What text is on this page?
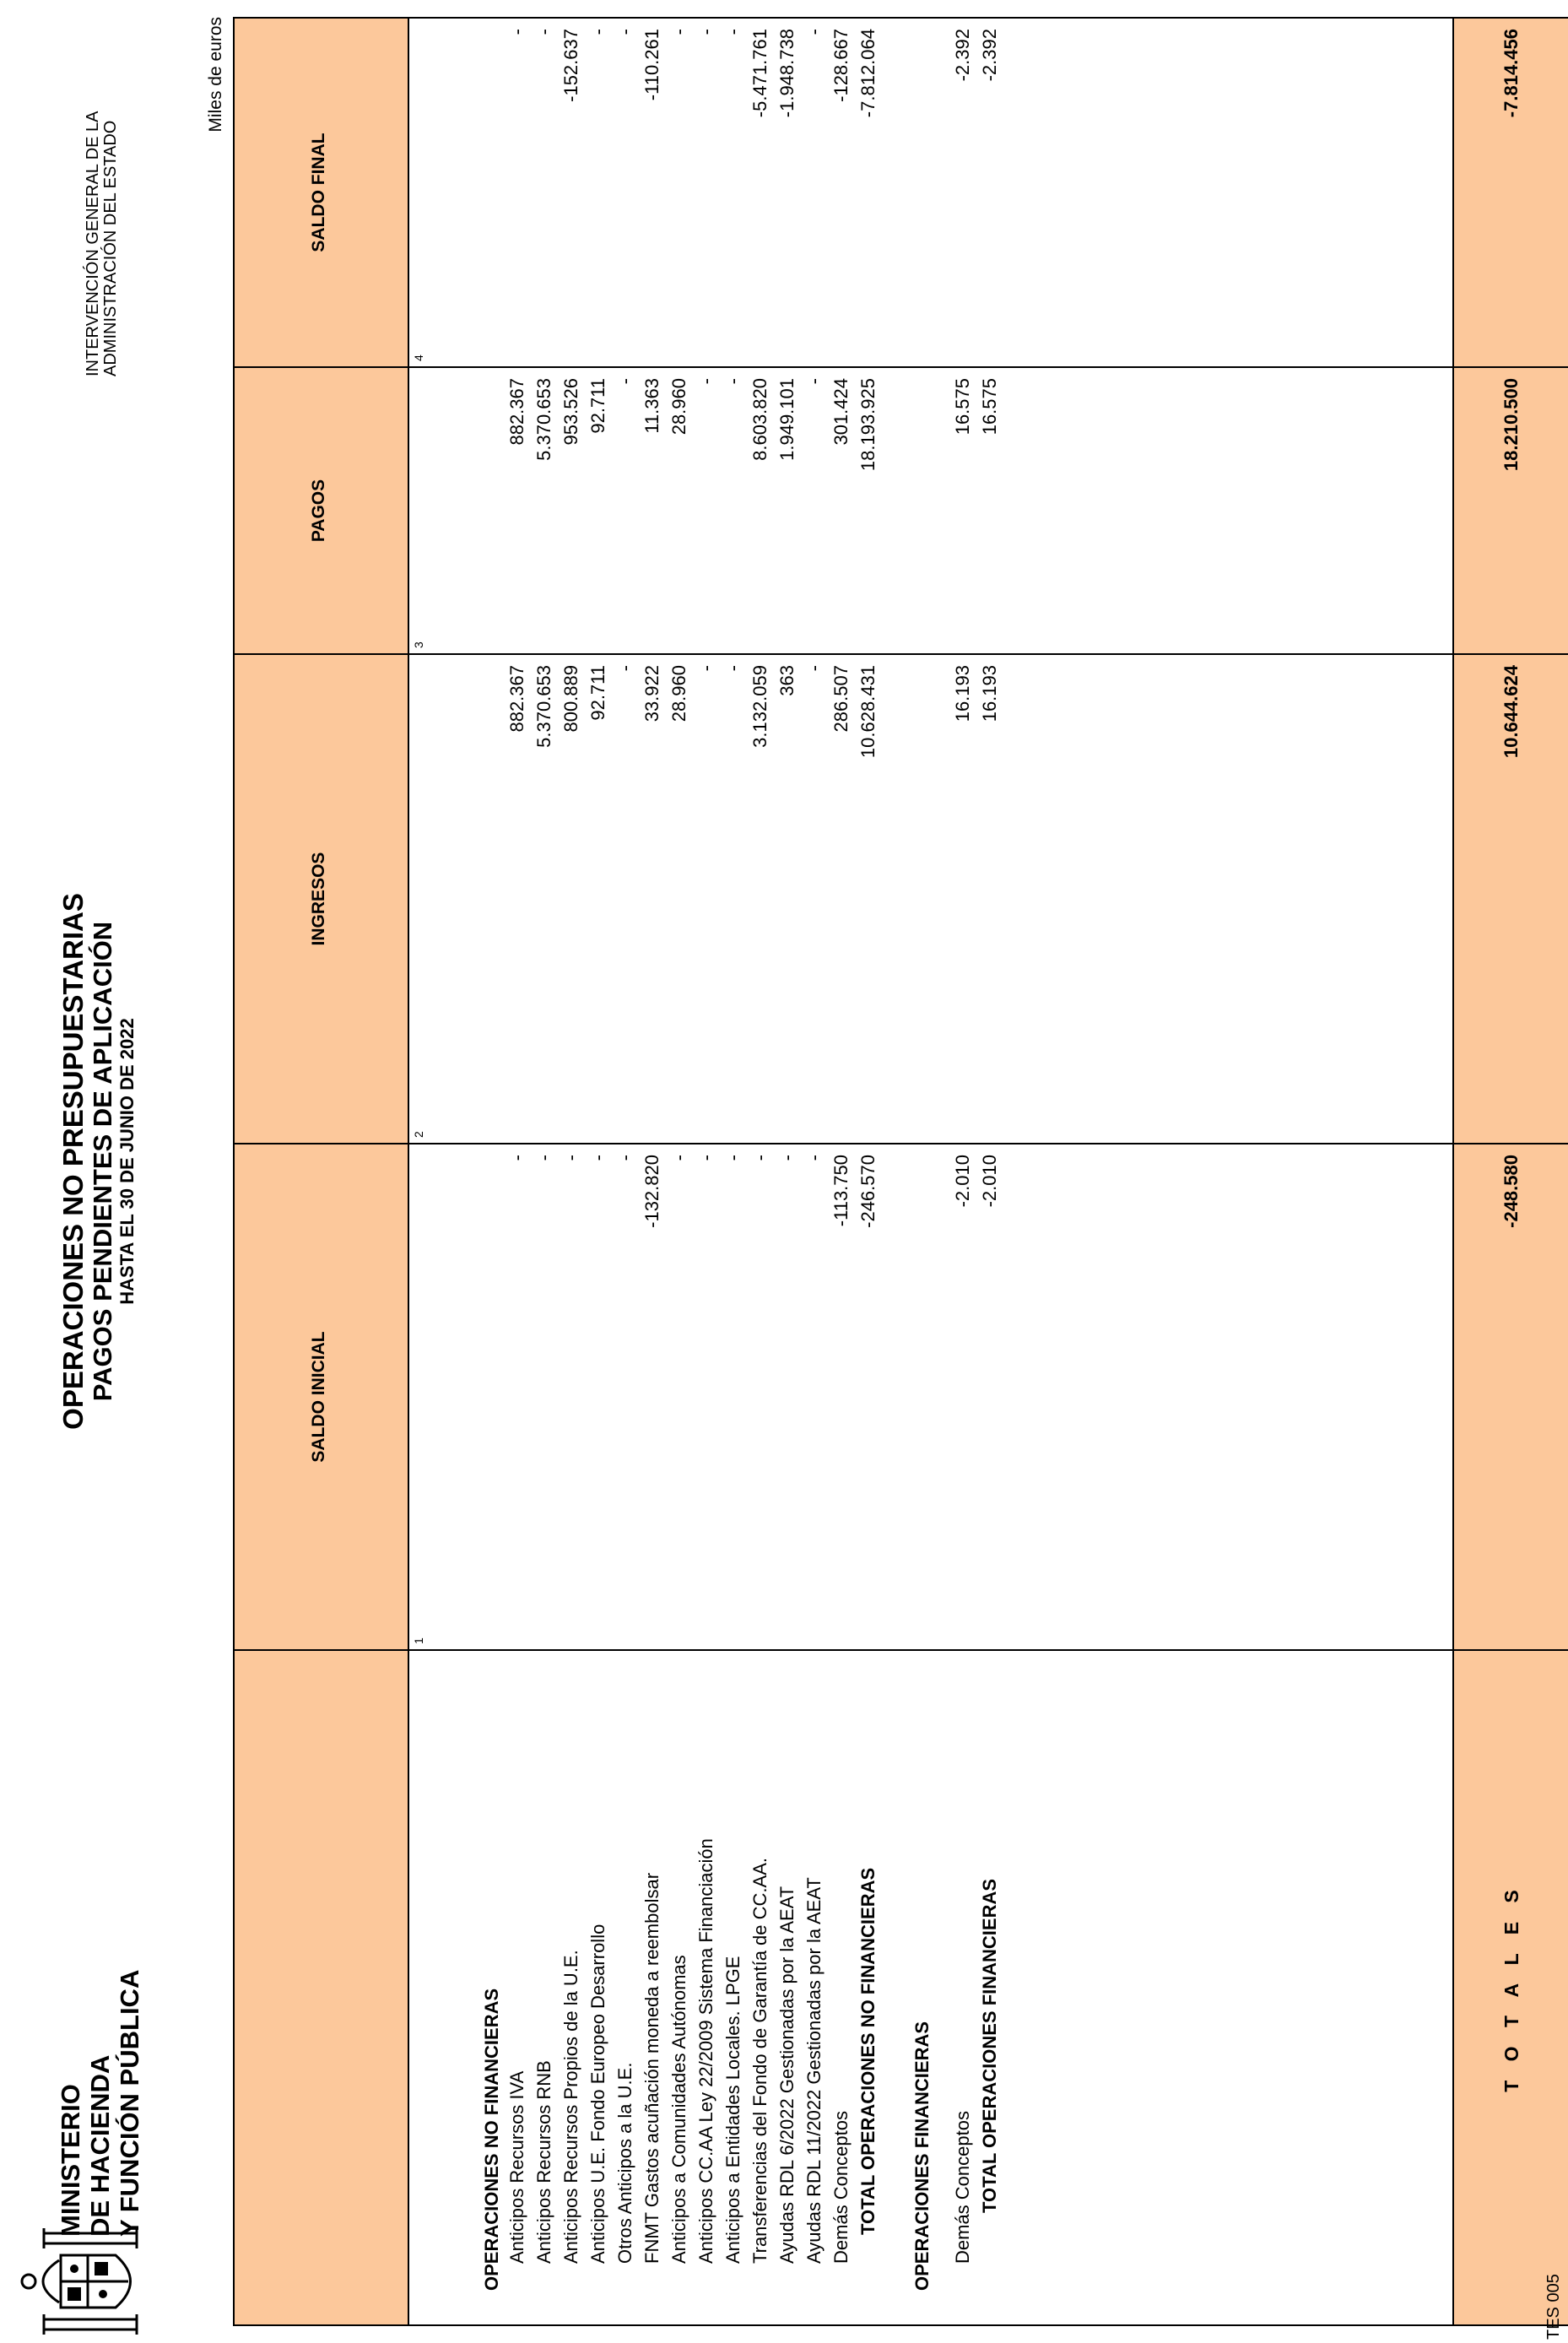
MINISTERIO DE HACIENDA Y FUNCIÓN PÚBLICA
OPERACIONES NO PRESUPUESTARIAS PAGOS PENDIENTES DE APLICACIÓN HASTA EL 30 DE JUNIO DE 2022
INTERVENCIÓN GENERAL DE LA ADMINISTRACIÓN DEL ESTADO
Miles de euros
SALDO INICIAL
INGRESOS
PAGOS
SALDO FINAL
1
2
3
4
OPERACIONES NO FINANCIERAS Anticipos Recursos IVA
-
882.367
882.367
-
Anticipos Recursos RNB
-
5.370.653
5.370.653
-
Anticipos Recursos Propios de la U.E.
-
800.889
953.526
-152.637
Anticipos U.E. Fondo Europeo Desarrollo
-
92.711
92.711
-
Otros Anticipos a la U.E.
-
-
-
-
FNMT Gastos acuñación moneda a reembolsar
-132.820
33.922
11.363
-110.261
Anticipos a Comunidades Autónomas
-
28.960
28.960
-
Anticipos CC.AA Ley 22/2009 Sistema Financiación
-
-
-
-
Anticipos a Entidades Locales. LPGE
-
-
-
-
Transferencias del Fondo de Garantía de CC.AA.
-
3.132.059
8.603.820
-5.471.761
Ayudas RDL 6/2022 Gestionadas por la AEAT
-
363
1.949.101
-1.948.738
Ayudas RDL 11/2022 Gestionadas por la AEAT
-
-
-
-
Demás Conceptos
-113.750
286.507
301.424
-128.667
TOTAL OPERACIONES NO FINANCIERAS
-246.570
10.628.431
18.193.925
-7.812.064
OPERACIONES FINANCIERAS Demás Conceptos
-2.010
16.193
16.575
-2.392
TOTAL OPERACIONES FINANCIERAS
-2.010
16.193
16.575
-2.392
-248.580
10.644.624
18.210.500
-7.814.456
T O T A L E S
TES 005
